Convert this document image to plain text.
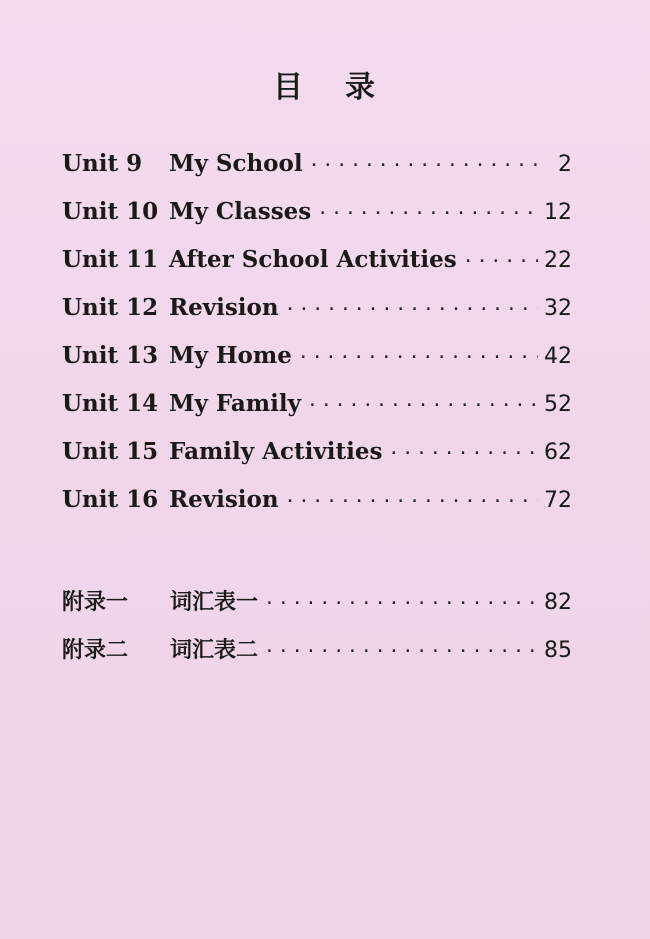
目 录
Unit 9	My School ·····	2
Unit 10 My Classes ·····	12
Unit 11 After School Activities ·····	22
Unit 12 Revision ·····	32
Unit 13 My Home ·····	42
Unit 14 My Family ·····	52
Unit 15 Family Activities ·····	62
Unit 16 Revision ·····	72
附录一	词汇表一 ·····	82
附录二	词汇表二 ·····	85
